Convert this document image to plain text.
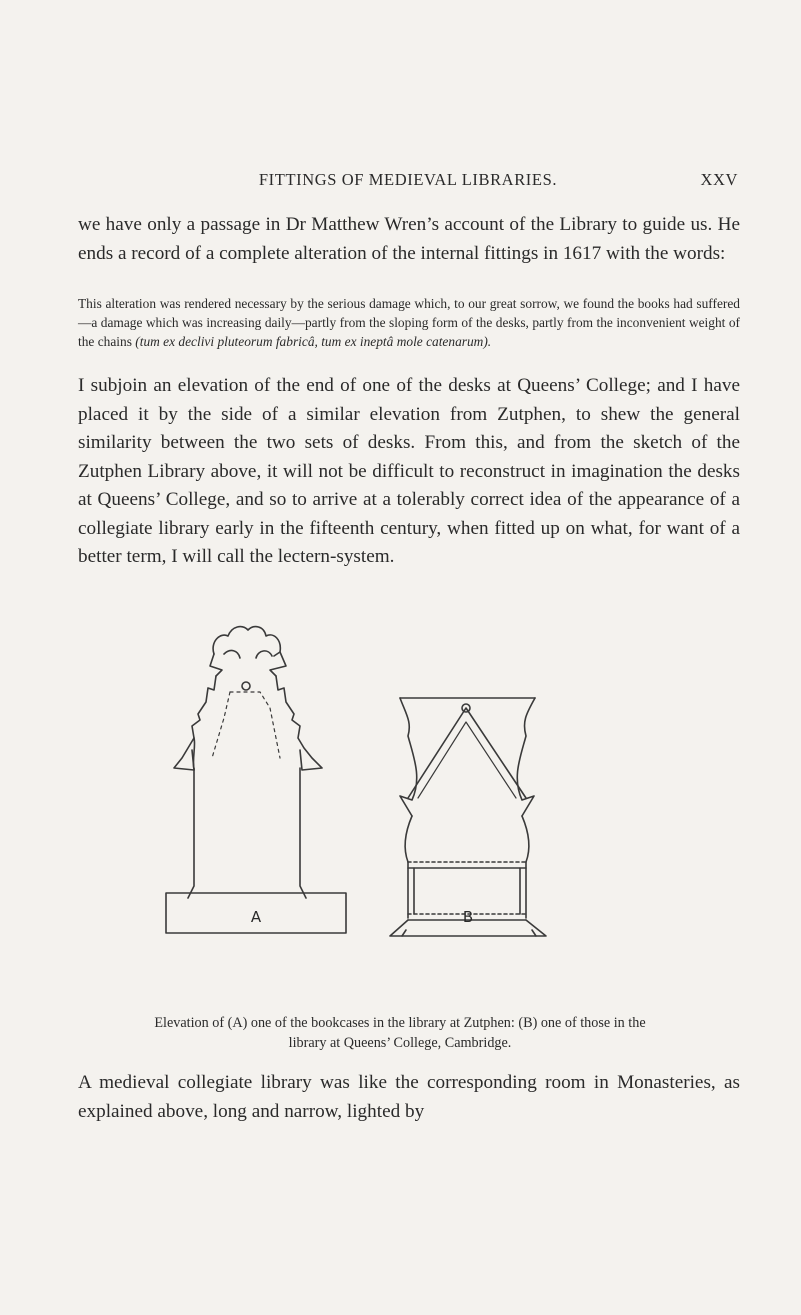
FITTINGS OF MEDIEVAL LIBRARIES.	XXV

we have only a passage in Dr Matthew Wren’s account of the Library to guide us. He ends a record of a complete alteration of the internal fittings in 1617 with the words:

This alteration was rendered necessary by the serious damage which, to our great sorrow, we found the books had suffered—a damage which was increasing daily—partly from the sloping form of the desks, partly from the inconvenient weight of the chains (tum ex declivi pluteorum fabricâ, tum ex ineptâ mole catenarum).

I subjoin an elevation of the end of one of the desks at Queens’ College; and I have placed it by the side of a similar elevation from Zutphen, to shew the general similarity between the two sets of desks. From this, and from the sketch of the Zutphen Library above, it will not be difficult to reconstruct in imagination the desks at Queens’ College, and so to arrive at a tolerably correct idea of the appearance of a collegiate library early in the fifteenth century, when fitted up on what, for want of a better term, I will call the lectern-system.

A	B

Elevation of (A) one of the bookcases in the library at Zutphen: (B) one of those in the library at Queens’ College, Cambridge.

A medieval collegiate library was like the corresponding room in Monasteries, as explained above, long and narrow, lighted by
